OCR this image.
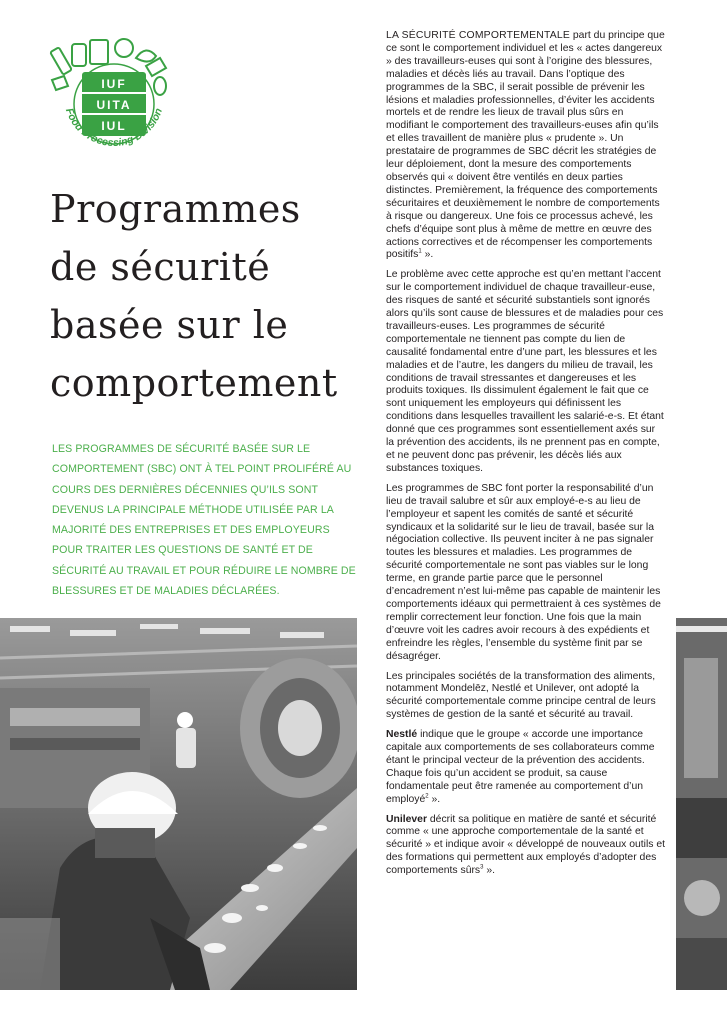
IUF
UITA
IUL
Food Processing Division
Programmes
de sécurité
basée sur le
comportement

LES PROGRAMMES DE SÉCURITÉ BASÉE SUR LE COMPORTEMENT (SBC) ONT À TEL POINT PROLIFÉRÉ AU COURS DES DERNIÈRES DÉCENNIES QU’ILS SONT DEVENUS LA PRINCIPALE MÉTHODE UTILISÉE PAR LA MAJORITÉ DES ENTREPRISES ET DES EMPLOYEURS POUR TRAITER LES QUESTIONS DE SANTÉ ET DE SÉCURITÉ AU TRAVAIL ET POUR RÉDUIRE LE NOMBRE DE BLESSURES ET DE MALADIES DÉCLARÉES.

LA SÉCURITÉ COMPORTEMENTALE part du principe que ce sont le comportement individuel et les « actes dangereux » des travailleurs-euses qui sont à l’origine des blessures, maladies et décès liés au travail. Dans l’optique des programmes de la SBC, il serait possible de prévenir les lésions et maladies professionnelles, d’éviter les accidents mortels et de rendre les lieux de travail plus sûrs en modifiant le comportement des travailleurs-euses afin qu’ils et elles travaillent de manière plus « prudente ». Un prestataire de programmes de SBC décrit les stratégies de leur déploiement, dont la mesure des comportements observés qui « doivent être ventilés en deux parties distinctes. Premièrement, la fréquence des comportements sécuritaires et deuxièmement le nombre de comportements à risque ou dangereux. Une fois ce processus achevé, les chefs d’équipe sont plus à même de mettre en œuvre des actions correctives et de récompenser les comportements positifs$^1$ ».

Le problème avec cette approche est qu’en mettant l’accent sur le comportement individuel de chaque travailleur-euse, des risques de santé et sécurité substantiels sont ignorés alors qu’ils sont cause de blessures et de maladies pour ces travailleurs-euses. Les programmes de sécurité comportementale ne tiennent pas compte du lien de causalité fondamental entre d’une part, les blessures et les maladies et de l’autre, les dangers du milieu de travail, les conditions de travail stressantes et dangereuses et les produits toxiques. Ils dissimulent également le fait que ce sont uniquement les employeurs qui définissent les conditions dans lesquelles travaillent les salarié-e-s. Et étant donné que ces programmes sont essentiellement axés sur la prévention des accidents, ils ne prennent pas en compte, et ne peuvent donc pas prévenir, les décès liés aux substances toxiques.

Les programmes de SBC font porter la responsabilité d’un lieu de travail salubre et sûr aux employé-e-s au lieu de l’employeur et sapent les comités de santé et sécurité syndicaux et la solidarité sur le lieu de travail, basée sur la négociation collective. Ils peuvent inciter à ne pas signaler toutes les blessures et maladies. Les programmes de sécurité comportementale ne sont pas viables sur le long terme, en grande partie parce que le personnel d’encadrement n’est lui-même pas capable de maintenir les comportements idéaux qui permettraient à ces systèmes de remplir correctement leur fonction. Une fois que la main d’œuvre voit les cadres avoir recours à des expédients et enfreindre les règles, l’ensemble du système finit par se désagréger.

Les principales sociétés de la transformation des aliments, notamment Mondelēz, Nestlé et Unilever, ont adopté la sécurité comportementale comme principe central de leurs systèmes de gestion de la santé et sécurité au travail.

Nestlé indique que le groupe « accorde une importance capitale aux comportements de ses collaborateurs comme étant le principal vecteur de la prévention des accidents. Chaque fois qu’un accident se produit, sa cause fondamentale peut être ramenée au comportement d’un employé$^2$ ».

Unilever décrit sa politique en matière de santé et sécurité comme « une approche comportementale de la santé et sécurité » et indique avoir « développé de nouveaux outils et des formations qui permettent aux employés d’adopter des comportements sûrs$^3$ ».
